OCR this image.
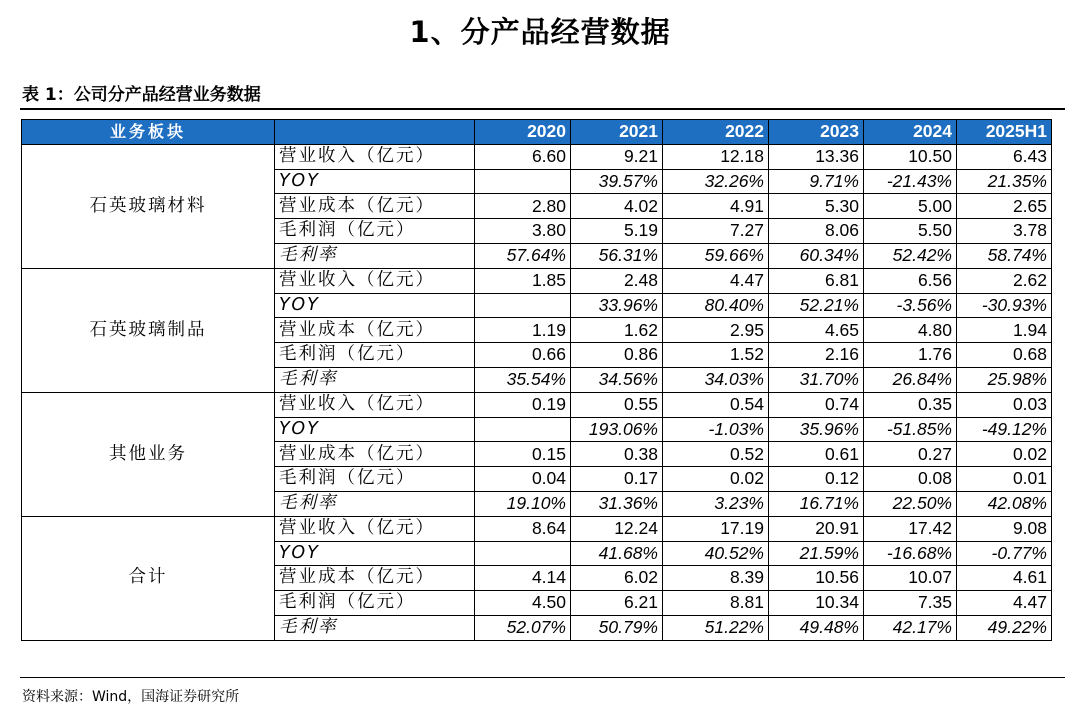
1、分产品经营数据
表 1：公司分产品经营业务数据
业务板块		2020	2021	2022	2023	2024	2025H1
石英玻璃材料	营业收入（亿元）	6.60	9.21	12.18	13.36	10.50	6.43
	YOY		39.57%	32.26%	9.71%	-21.43%	21.35%
	营业成本（亿元）	2.80	4.02	4.91	5.30	5.00	2.65
	毛利润（亿元）	3.80	5.19	7.27	8.06	5.50	3.78
	毛利率	57.64%	56.31%	59.66%	60.34%	52.42%	58.74%
石英玻璃制品	营业收入（亿元）	1.85	2.48	4.47	6.81	6.56	2.62
	YOY		33.96%	80.40%	52.21%	-3.56%	-30.93%
	营业成本（亿元）	1.19	1.62	2.95	4.65	4.80	1.94
	毛利润（亿元）	0.66	0.86	1.52	2.16	1.76	0.68
	毛利率	35.54%	34.56%	34.03%	31.70%	26.84%	25.98%
其他业务	营业收入（亿元）	0.19	0.55	0.54	0.74	0.35	0.03
	YOY		193.06%	-1.03%	35.96%	-51.85%	-49.12%
	营业成本（亿元）	0.15	0.38	0.52	0.61	0.27	0.02
	毛利润（亿元）	0.04	0.17	0.02	0.12	0.08	0.01
	毛利率	19.10%	31.36%	3.23%	16.71%	22.50%	42.08%
合计	营业收入（亿元）	8.64	12.24	17.19	20.91	17.42	9.08
	YOY		41.68%	40.52%	21.59%	-16.68%	-0.77%
	营业成本（亿元）	4.14	6.02	8.39	10.56	10.07	4.61
	毛利润（亿元）	4.50	6.21	8.81	10.34	7.35	4.47
	毛利率	52.07%	50.79%	51.22%	49.48%	42.17%	49.22%
资料来源：Wind，国海证券研究所
